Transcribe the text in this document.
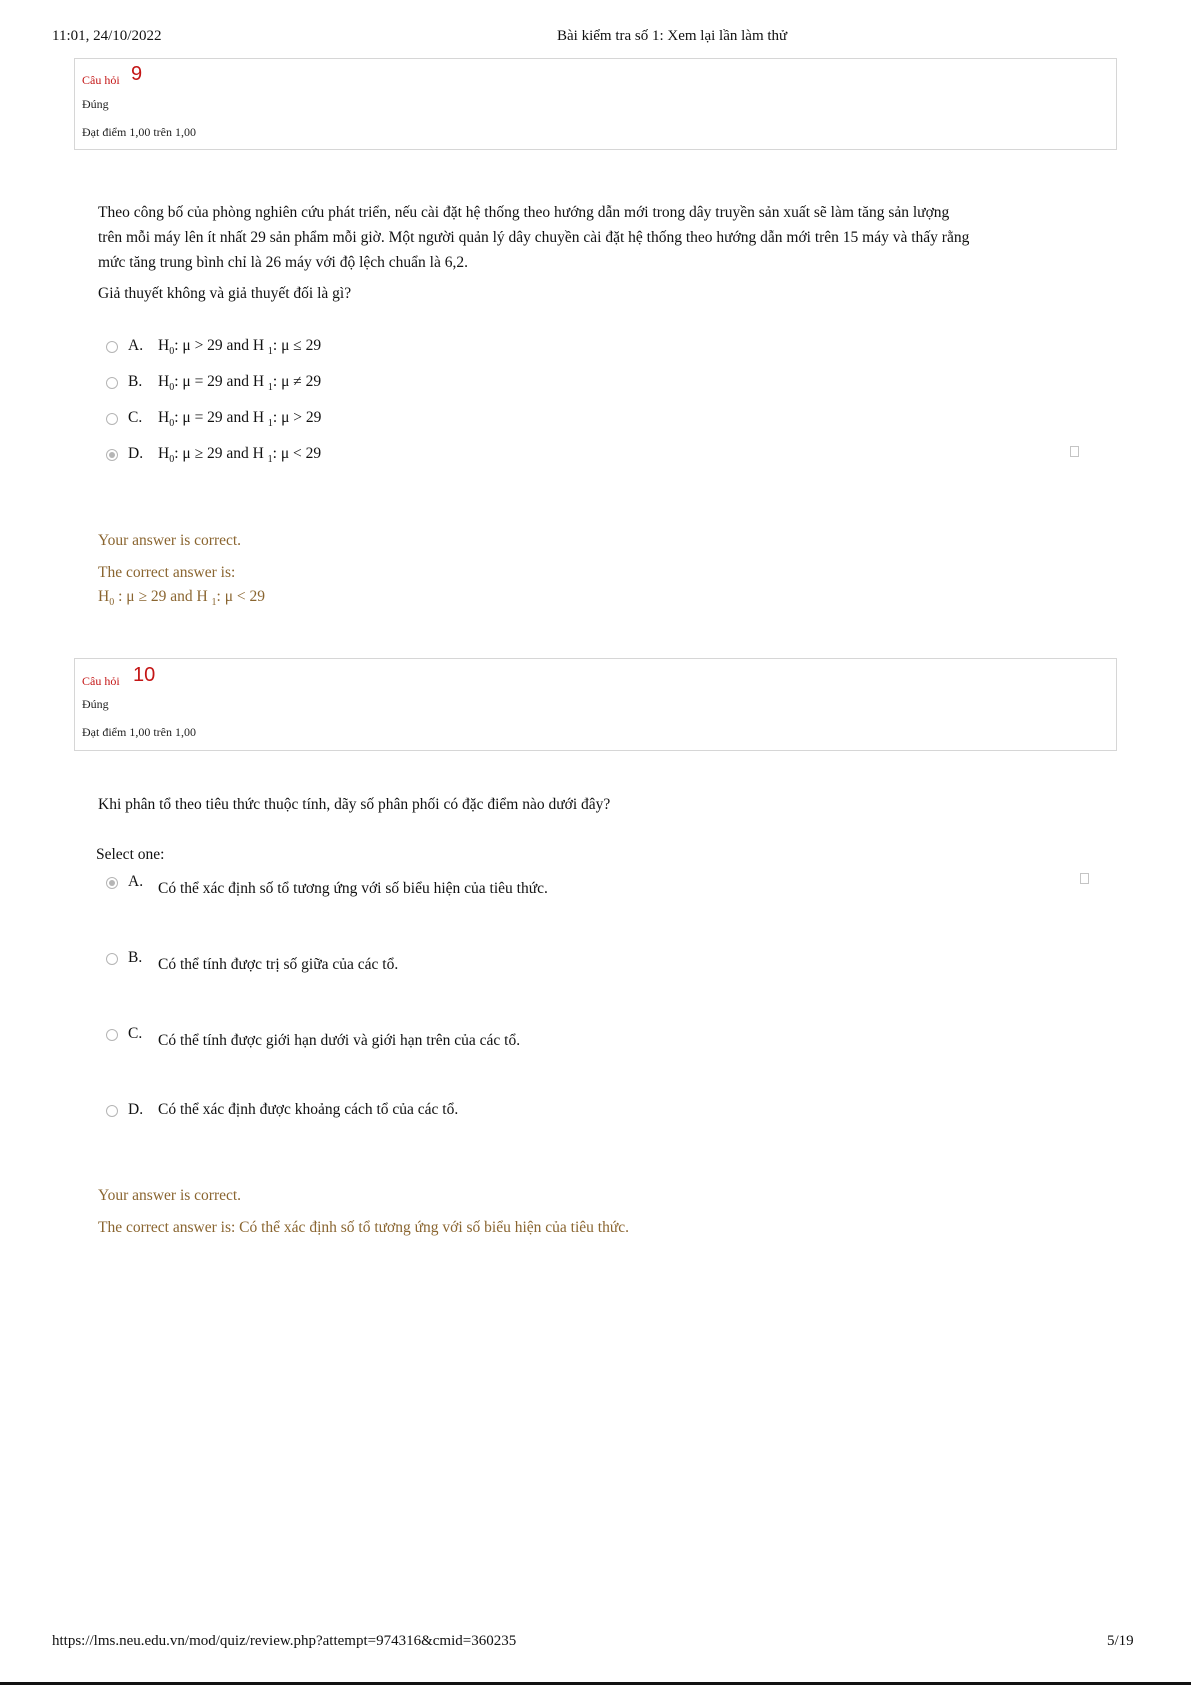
11:01, 24/10/2022	Bài kiểm tra số 1: Xem lại lần làm thử
Câu hỏi 9
Đúng
Đạt điểm 1,00 trên 1,00
Theo công bố của phòng nghiên cứu phát triển, nếu cài đặt hệ thống theo hướng dẫn mới trong dây truyền sản xuất sẽ làm tăng sản lượng
trên mỗi máy lên ít nhất 29 sản phẩm mỗi giờ. Một người quản lý dây chuyền cài đặt hệ thống theo hướng dẫn mới trên 15 máy và thấy rằng
mức tăng trung bình chỉ là 26 máy với độ lệch chuẩn là 6,2.
Giả thuyết không và giả thuyết đối là gì?
A. $H_0$: μ > 29 and H $_1$: μ ≤ 29
B. $H_0$: μ = 29 and H $_1$: μ ≠ 29
C. $H_0$: μ = 29 and H $_1$: μ > 29
D. $H_0$: μ ≥ 29 and H $_1$: μ < 29
Your answer is correct.
The correct answer is:
$H_0$ : μ ≥ 29 and H $_1$: μ < 29
Câu hỏi 10
Đúng
Đạt điểm 1,00 trên 1,00
Khi phân tổ theo tiêu thức thuộc tính, dãy số phân phối có đặc điểm nào dưới đây?
Select one:
A. Có thể xác định số tổ tương ứng với số biểu hiện của tiêu thức.
B. Có thể tính được trị số giữa của các tổ.
C. Có thể tính được giới hạn dưới và giới hạn trên của các tổ.
D. Có thể xác định được khoảng cách tổ của các tổ.
Your answer is correct.
The correct answer is: Có thể xác định số tổ tương ứng với số biểu hiện của tiêu thức.
https://lms.neu.edu.vn/mod/quiz/review.php?attempt=974316&cmid=360235	5/19
